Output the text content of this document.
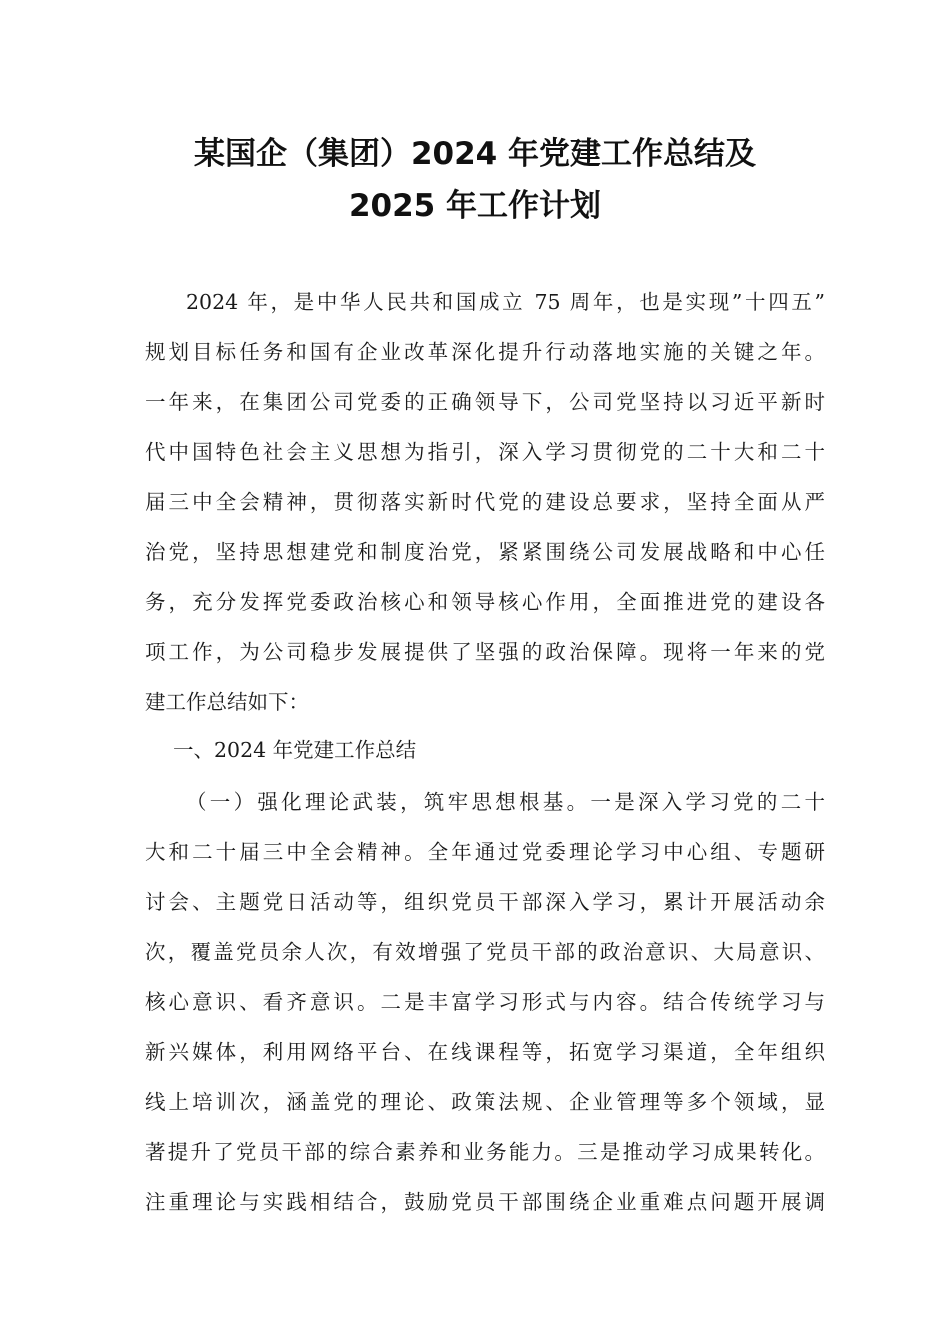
某国企（集团）2024 年党建工作总结及
2025 年工作计划
2024 年，是中华人民共和国成立 75 周年，也是实现”十四五”
规划目标任务和国有企业改革深化提升行动落地实施的关键之年。
一年来，在集团公司党委的正确领导下，公司党坚持以习近平新时
代中国特色社会主义思想为指引，深入学习贯彻党的二十大和二十
届三中全会精神，贯彻落实新时代党的建设总要求，坚持全面从严
治党，坚持思想建党和制度治党，紧紧围绕公司发展战略和中心任
务，充分发挥党委政治核心和领导核心作用，全面推进党的建设各
项工作，为公司稳步发展提供了坚强的政治保障。现将一年来的党
建工作总结如下：
一、2024 年党建工作总结
（一）强化理论武装，筑牢思想根基。一是深入学习党的二十
大和二十届三中全会精神。全年通过党委理论学习中心组、专题研
讨会、主题党日活动等，组织党员干部深入学习，累计开展活动余
次，覆盖党员余人次，有效增强了党员干部的政治意识、大局意识、
核心意识、看齐意识。二是丰富学习形式与内容。结合传统学习与
新兴媒体，利用网络平台、在线课程等，拓宽学习渠道，全年组织
线上培训次，涵盖党的理论、政策法规、企业管理等多个领域，显
著提升了党员干部的综合素养和业务能力。三是推动学习成果转化。
注重理论与实践相结合，鼓励党员干部围绕企业重难点问题开展调
